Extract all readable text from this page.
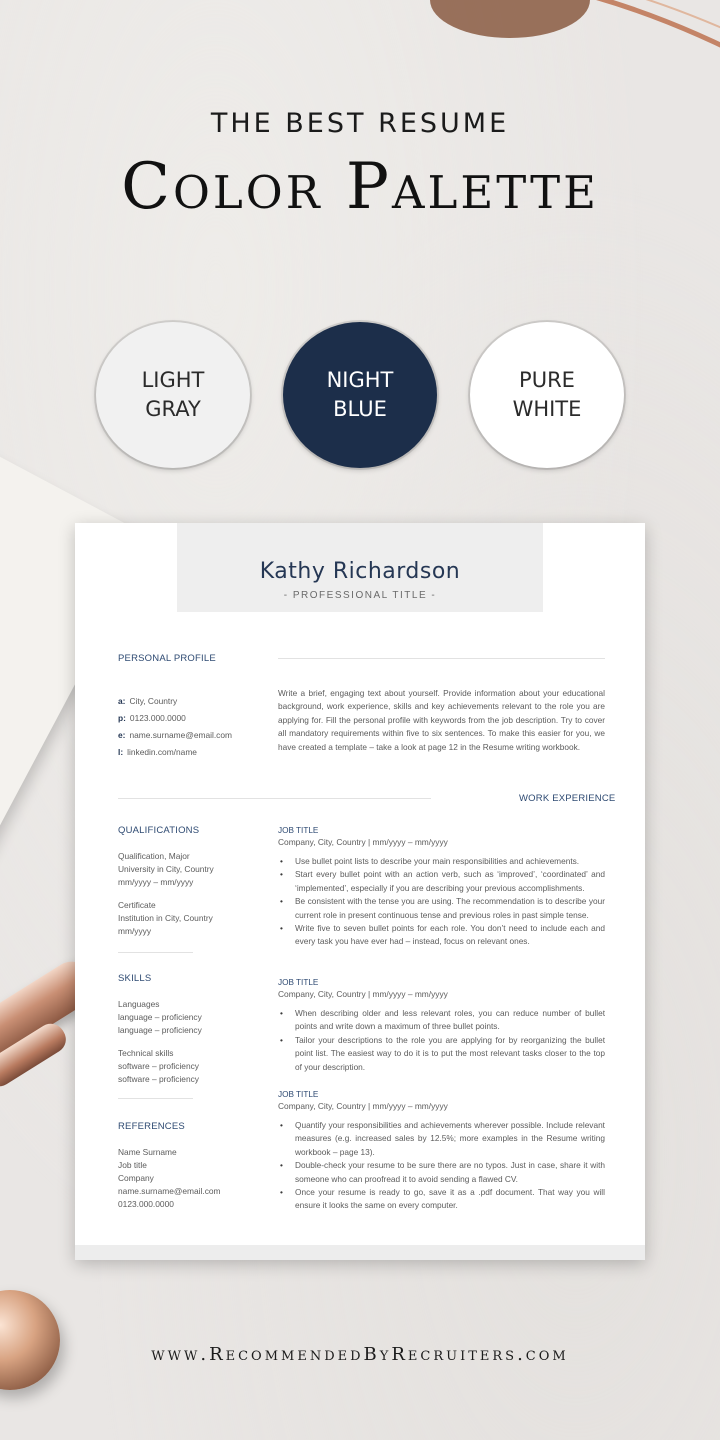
THE BEST RESUME
Color Palette
LIGHT
GRAY
NIGHT
BLUE
PURE
WHITE
Kathy Richardson
- PROFESSIONAL TITLE -
PERSONAL PROFILE
a: City, Country
p: 0123.000.0000
e: name.surname@email.com
l: linkedin.com/name
Write a brief, engaging text about yourself. Provide information about your educational background, work experience, skills and key achievements relevant to the role you are applying for. Fill the personal profile with keywords from the job description. Try to cover all mandatory requirements within five to six sentences. To make this easier for you, we have created a template – take a look at page 12 in the Resume writing workbook.
WORK EXPERIENCE
QUALIFICATIONS
Qualification, Major
University in City, Country
mm/yyyy – mm/yyyy
Certificate
Institution in City, Country
mm/yyyy
SKILLS
Languages
language – proficiency
language – proficiency
Technical skills
software – proficiency
software – proficiency
REFERENCES
Name Surname
Job title
Company
name.surname@email.com
0123.000.0000
JOB TITLE
Company, City, Country | mm/yyyy – mm/yyyy
• Use bullet point lists to describe your main responsibilities and achievements.
• Start every bullet point with an action verb, such as ‘improved’, ‘coordinated’ and ‘implemented’, especially if you are describing your previous accomplishments.
• Be consistent with the tense you are using. The recommendation is to describe your current role in present continuous tense and previous roles in past simple tense.
• Write five to seven bullet points for each role. You don’t need to include each and every task you have ever had – instead, focus on relevant ones.
JOB TITLE
Company, City, Country | mm/yyyy – mm/yyyy
• When describing older and less relevant roles, you can reduce number of bullet points and write down a maximum of three bullet points.
• Tailor your descriptions to the role you are applying for by reorganizing the bullet point list. The easiest way to do it is to put the most relevant tasks closer to the top of your description.
JOB TITLE
Company, City, Country | mm/yyyy – mm/yyyy
• Quantify your responsibilities and achievements wherever possible. Include relevant measures (e.g. increased sales by 12.5%; more examples in the Resume writing workbook – page 13).
• Double-check your resume to be sure there are no typos. Just in case, share it with someone who can proofread it to avoid sending a flawed CV.
• Once your resume is ready to go, save it as a .pdf document. That way you will ensure it looks the same on every computer.
www.RecommendedByRecruiters.com
